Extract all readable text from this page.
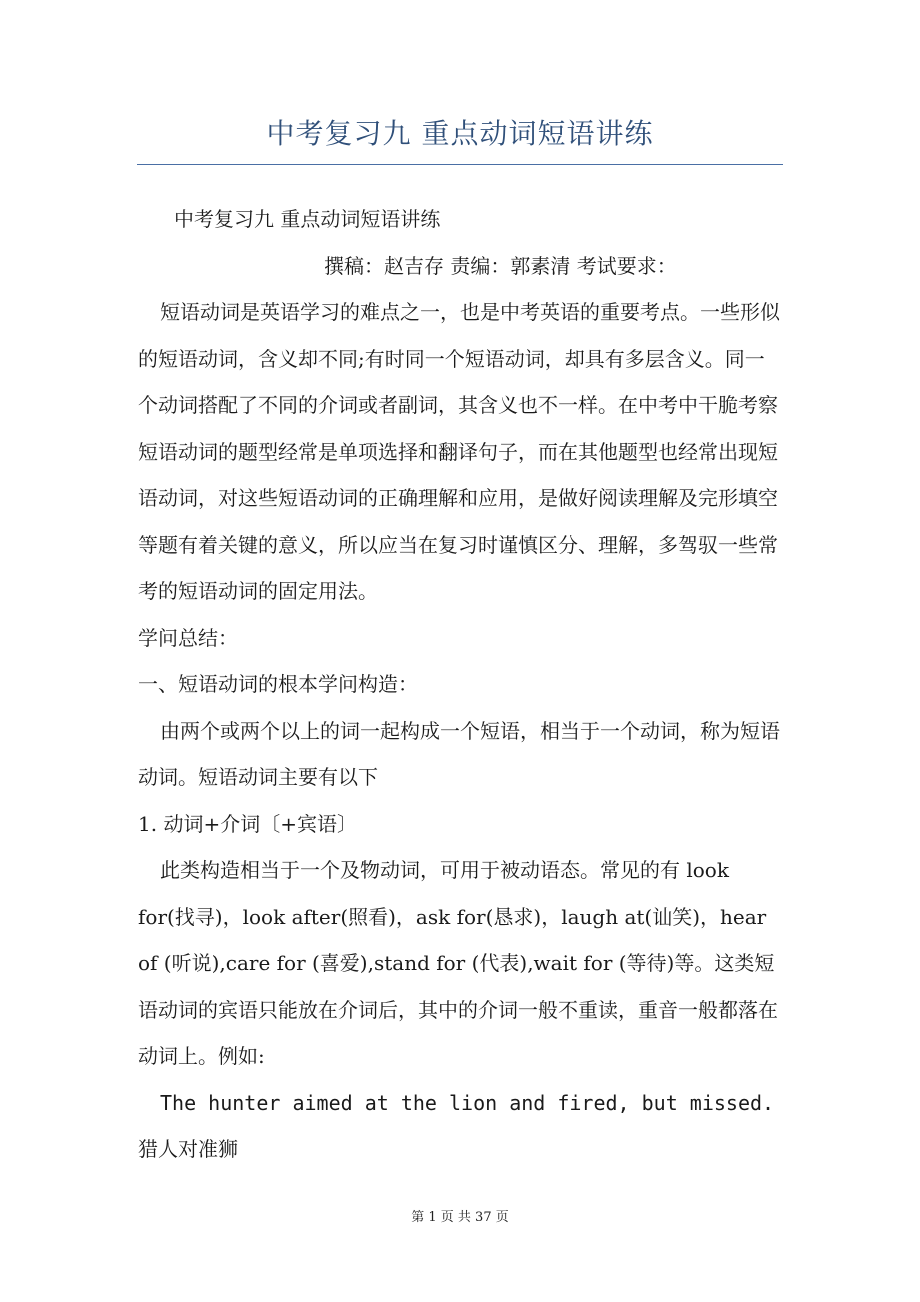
中考复习九 重点动词短语讲练

中考复习九 重点动词短语讲练

撰稿：赵吉存 责编：郭素清 考试要求：

短语动词是英语学习的难点之一，也是中考英语的重要考点。一些形似的短语动词，含义却不同;有时同一个短语动词，却具有多层含义。同一个动词搭配了不同的介词或者副词，其含义也不一样。在中考中干脆考察短语动词的题型经常是单项选择和翻译句子，而在其他题型也经常出现短语动词，对这些短语动词的正确理解和应用，是做好阅读理解及完形填空等题有着关键的意义，所以应当在复习时谨慎区分、理解，多驾驭一些常考的短语动词的固定用法。

学问总结：

一、短语动词的根本学问构造：

由两个或两个以上的词一起构成一个短语，相当于一个动词，称为短语动词。短语动词主要有以下

1. 动词+介词〔+宾语〕

此类构造相当于一个及物动词，可用于被动语态。常见的有 look for(找寻)，look after(照看)，ask for(恳求)，laugh at(讪笑)，hear of (听说),care for (喜爱),stand for (代表),wait for (等待)等。这类短语动词的宾语只能放在介词后，其中的介词一般不重读，重音一般都落在动词上。例如:

The hunter aimed at the lion and fired, but missed. 猎人对准狮

第 1 页 共 37 页
